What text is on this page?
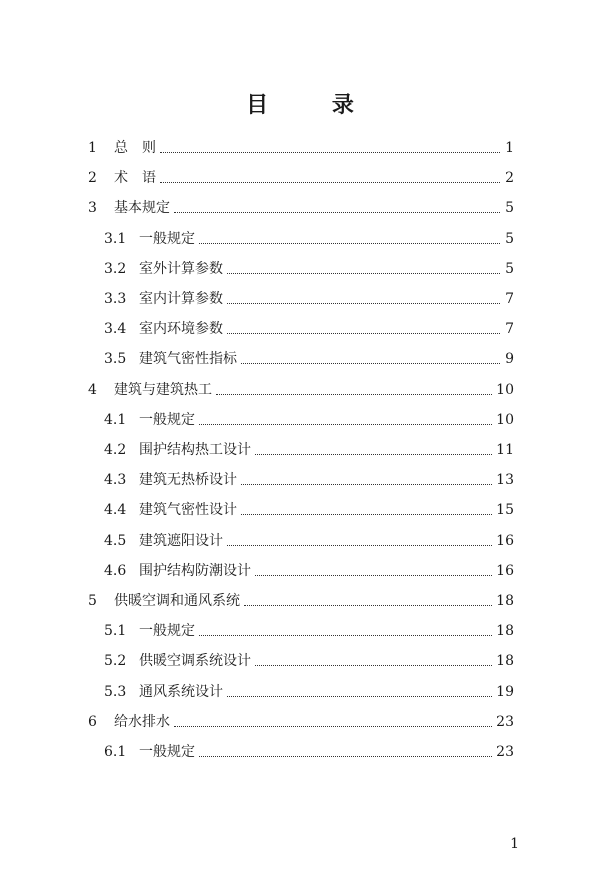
目 录
1	总　则	1
2	术　语	2
3	基本规定	5
3.1 一般规定	5
3.2 室外计算参数	5
3.3 室内计算参数	7
3.4 室内环境参数	7
3.5 建筑气密性指标	9
4	建筑与建筑热工	10
4.1 一般规定	10
4.2 围护结构热工设计	11
4.3 建筑无热桥设计	13
4.4 建筑气密性设计	15
4.5 建筑遮阳设计	16
4.6 围护结构防潮设计	16
5	供暖空调和通风系统	18
5.1 一般规定	18
5.2 供暖空调系统设计	18
5.3 通风系统设计	19
6	给水排水	23
6.1 一般规定	23
1
